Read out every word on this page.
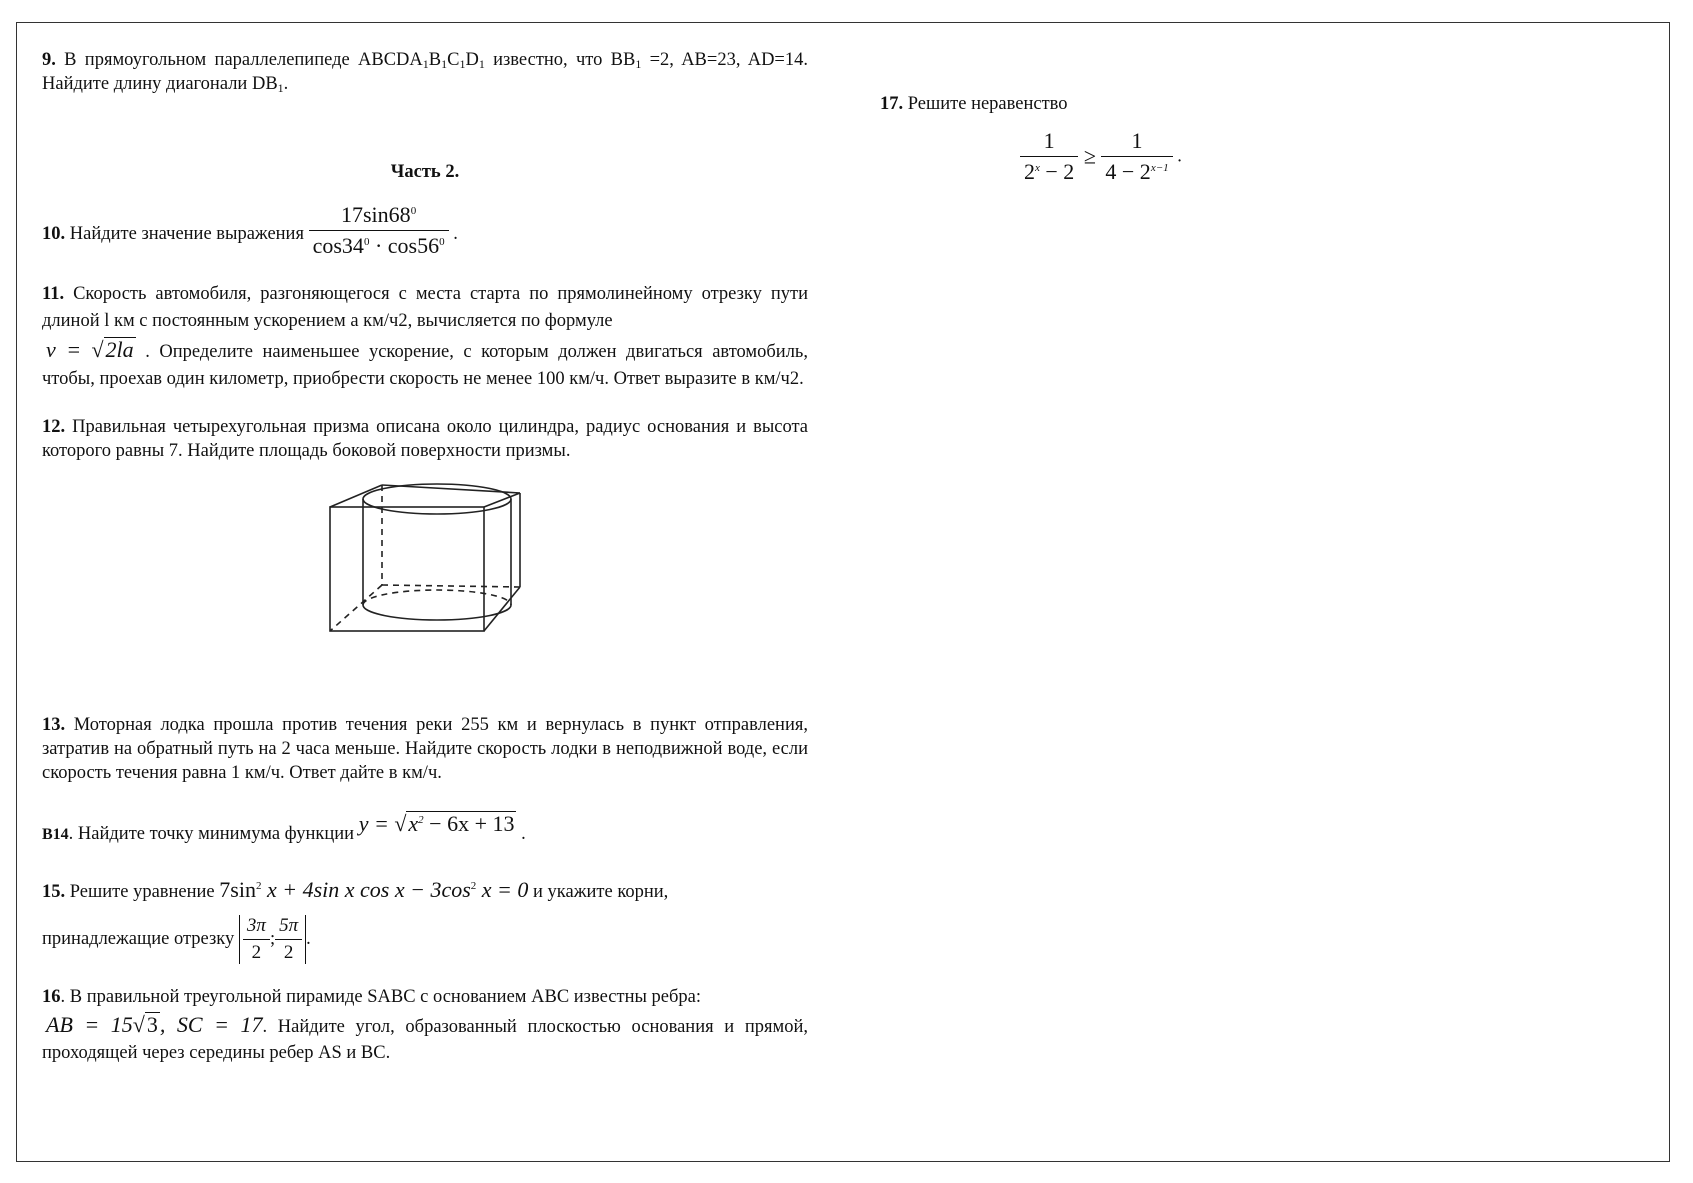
9. В прямоугольном параллелепипеде $ABCDA_1B_1C_1D_1$ известно, что $BB_1 =2$, AB=23, AD=14. Найдите длину диагонали $DB_1$.
Часть 2.
10. Найдите значение выражения $\frac{17\sin 68^0}{\cos 34^0 \cdot \cos 56^0}$ .
11. Скорость автомобиля, разгоняющегося с места старта по прямолинейному отрезку пути длиной l км с постоянным ускорением a км/ч2, вычисляется по формуле
v = √2la . Определите наименьшее ускорение, с которым должен двигаться автомобиль, чтобы, проехав один километр, приобрести скорость не менее 100 км/ч. Ответ выразите в км/ч2.
12. Правильная четырехугольная призма описана около цилиндра, радиус основания и высота которого равны 7. Найдите площадь боковой поверхности призмы.
13. Моторная лодка прошла против течения реки 255 км и вернулась в пункт отправления, затратив на обратный путь на 2 часа меньше. Найдите скорость лодки в неподвижной воде, если скорость течения равна 1 км/ч. Ответ дайте в км/ч.
B14. Найдите точку минимума функции $y = √x^2 - 6x + 13$ .
15. Решите уравнение $7\sin^2$ x + 4sin x $\cos x - 3\cos^2$ x = 0 и укажите корни,
принадлежащие отрезку $\frac{3\pi}{2}$ ; $\frac{5\pi}{2}$ .
16. В правильной треугольной пирамиде SABC с основанием ABC известны ребра:
AB = 15√3, SC = 17. Найдите угол, образованный плоскостью основания и прямой, проходящей через середины ребер AS и BC.
17. Решите неравенство
$\frac{1}{2^x - 2} \ge \frac{1}{4 - 2^{x-1}}$ .
